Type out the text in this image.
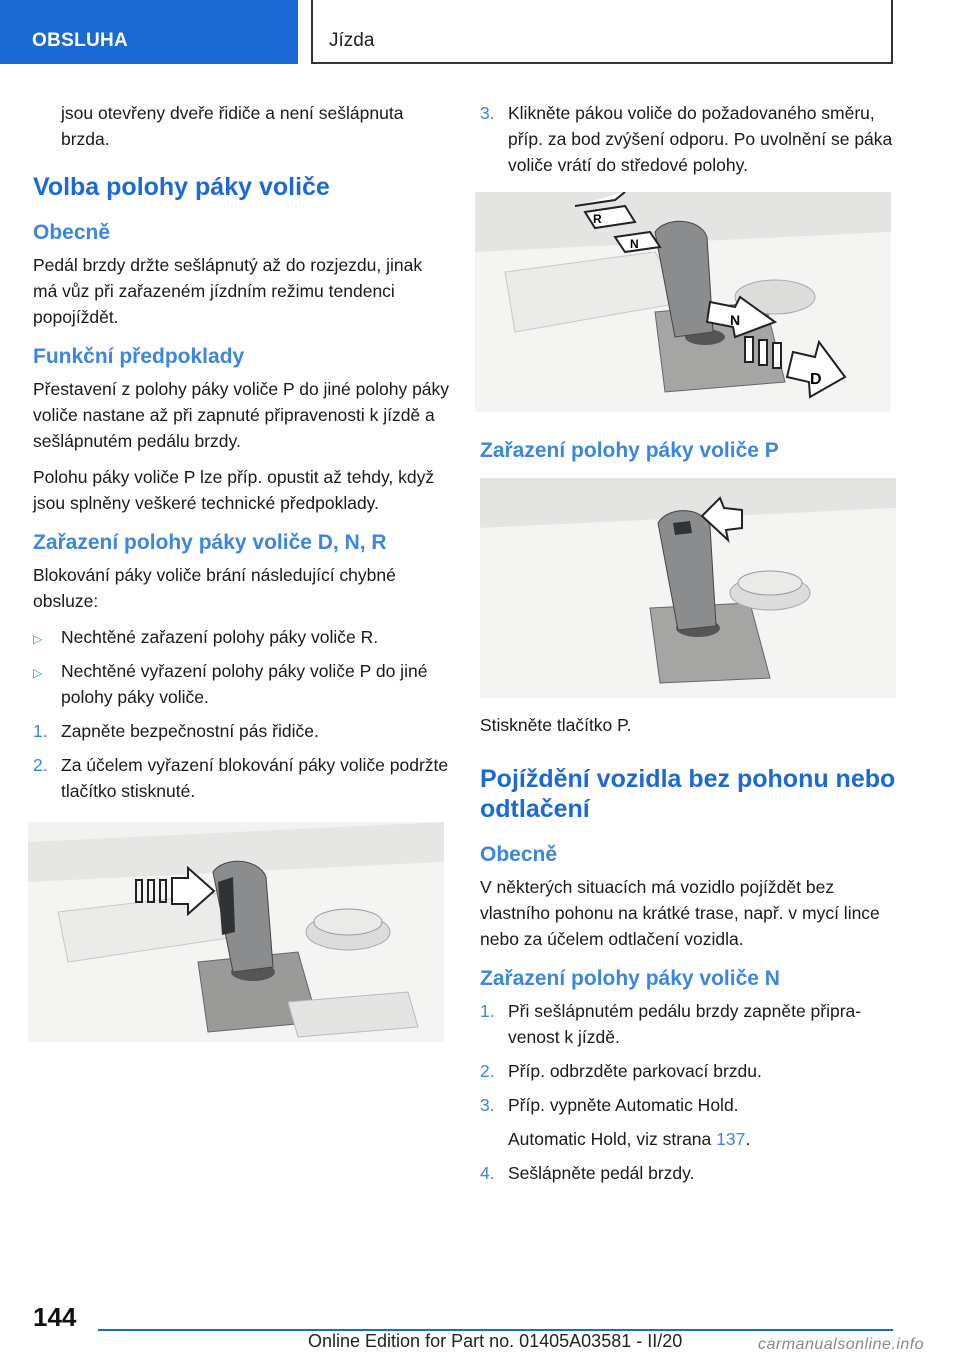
OBSLUHA	Jízda

jsou otevřeny dveře řidiče a není sešlápnuta brzda.

Volba polohy páky voliče
Obecně

Pedál brzdy držte sešlápnutý až do rozjezdu, jinak má vůz při zařazeném jízdním režimu tendenci popojíždět.

Funkční předpoklady

Přestavení z polohy páky voliče P do jiné polohy páky voliče nastane až při zapnuté připravenosti k jízdě a sešlápnutém pedálu brzdy.

Polohu páky voliče P lze příp. opustit až tehdy, když jsou splněny veškeré technické předpoklady.

Zařazení polohy páky voliče D, N, R

Blokování páky voliče brání následující chybné obsluze:

▷ Nechtěné zařazení polohy páky voliče R.
▷ Nechtěné vyřazení polohy páky voliče P do jiné polohy páky voliče.
1. Zapněte bezpečnostní pás řidiče.
2. Za účelem vyřazení blokování páky voliče podržte tlačítko stisknuté.
3. Klikněte pákou voliče do požadovaného směru, příp. za bod zvýšení odporu. Po uvolnění se páka voliče vrátí do středové polohy.
R
N
N
D
Zařazení polohy páky voliče P

Stiskněte tlačítko P.

Pojíždění vozidla bez pohonu nebo odtlačení
Obecně

V některých situacích má vozidlo pojíždět bez vlastního pohonu na krátké trase, např. v mycí lince nebo za účelem odtlačení vozidla.

Zařazení polohy páky voliče N
1. Při sešlápnutém pedálu brzdy zapněte připravenost k jízdě.
2. Příp. odbrzděte parkovací brzdu.
3. Příp. vypněte Automatic Hold.
Automatic Hold, viz strana 137.
4. Sešlápněte pedál brzdy.
144
Online Edition for Part no. 01405A03581 - II/20	carmanualsonline.info
